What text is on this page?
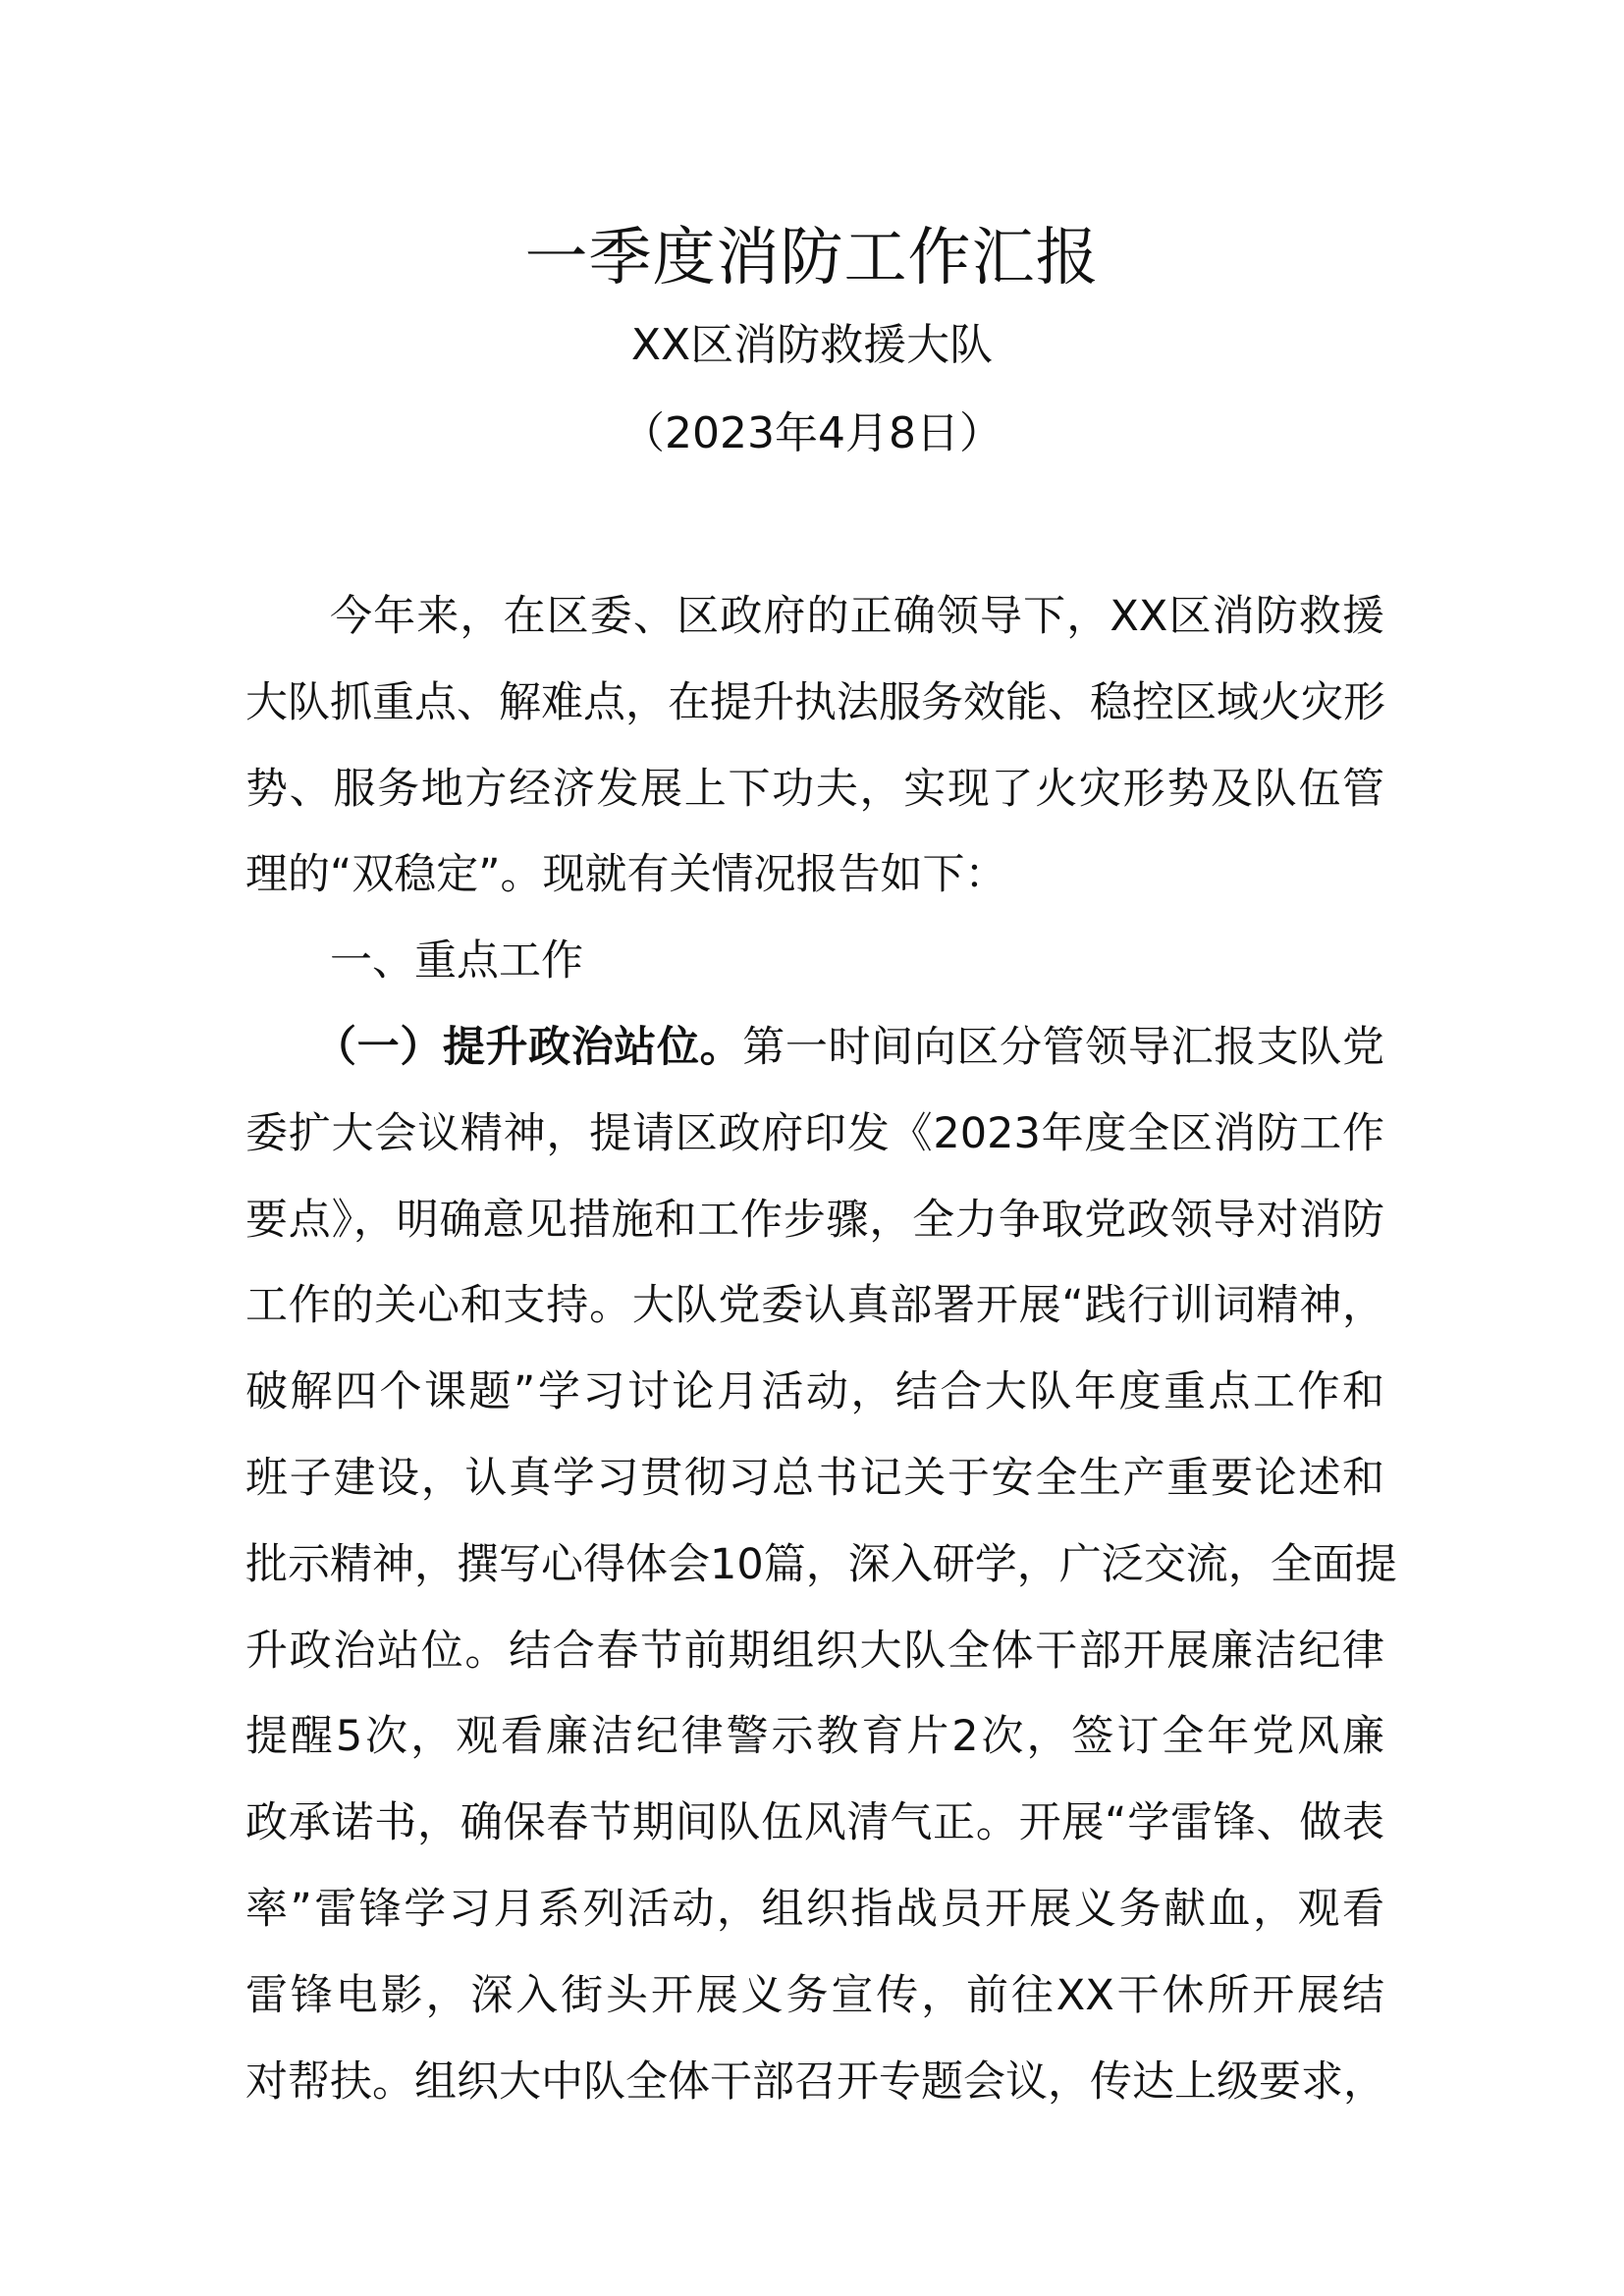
一季度消防工作汇报
XX区消防救援大队
（2023年4月8日）
今年来，在区委、区政府的正确领导下，XX区消防救援
大队抓重点、解难点，在提升执法服务效能、稳控区域火灾形
势、服务地方经济发展上下功夫，实现了火灾形势及队伍管
理的“双稳定”。现就有关情况报告如下：
一、重点工作
（一）提升政治站位。第一时间向区分管领导汇报支队党
委扩大会议精神，提请区政府印发《2023年度全区消防工作
要点》，明确意见措施和工作步骤，全力争取党政领导对消防
工作的关心和支持。大队党委认真部署开展“践行训词精神，
破解四个课题”学习讨论月活动，结合大队年度重点工作和
班子建设，认真学习贯彻习总书记关于安全生产重要论述和
批示精神，撰写心得体会10篇，深入研学，广泛交流，全面提
升政治站位。结合春节前期组织大队全体干部开展廉洁纪律
提醒5次，观看廉洁纪律警示教育片2次，签订全年党风廉
政承诺书，确保春节期间队伍风清气正。开展“学雷锋、做表
率”雷锋学习月系列活动，组织指战员开展义务献血，观看
雷锋电影，深入街头开展义务宣传，前往XX干休所开展结
对帮扶。组织大中队全体干部召开专题会议，传达上级要求，
